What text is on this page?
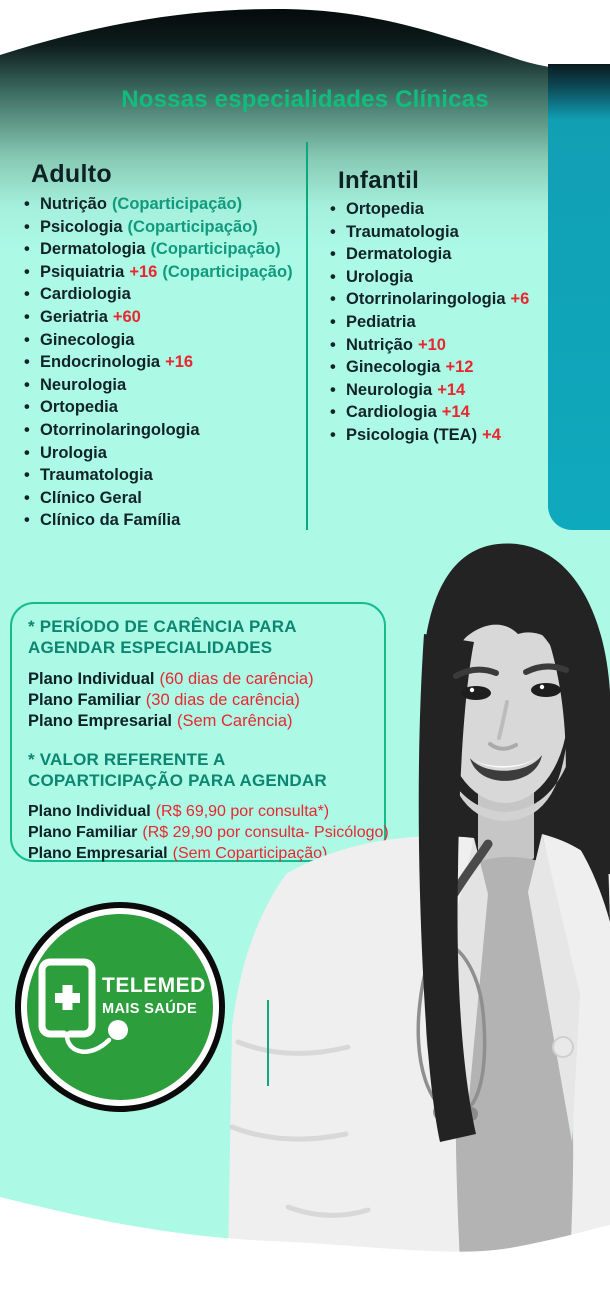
Nossas especialidades Clínicas
Adulto
• Nutrição (Coparticipação)
• Psicologia (Coparticipação)
• Dermatologia (Coparticipação)
• Psiquiatria +16 (Coparticipação)
• Cardiologia
• Geriatria +60
• Ginecologia
• Endocrinologia +16
• Neurologia
• Ortopedia
• Otorrinolaringologia
• Urologia
• Traumatologia
• Clínico Geral
• Clínico da Família
Infantil
• Ortopedia
• Traumatologia
• Dermatologia
• Urologia
• Otorrinolaringologia +6
• Pediatria
• Nutrição +10
• Ginecologia +12
• Neurologia +14
• Cardiologia +14
• Psicologia (TEA) +4
* PERÍODO DE CARÊNCIA PARA
AGENDAR ESPECIALIDADES
Plano Individual (60 dias de carência)
Plano Familiar (30 dias de carência)
Plano Empresarial (Sem Carência)
* VALOR REFERENTE A
COPARTICIPAÇÃO PARA AGENDAR
Plano Individual (R$ 69,90 por consulta*)
Plano Familiar (R$ 29,90 por consulta- Psicólogo)
Plano Empresarial (Sem Coparticipação)
TELEMED
MAIS SAÚDE
